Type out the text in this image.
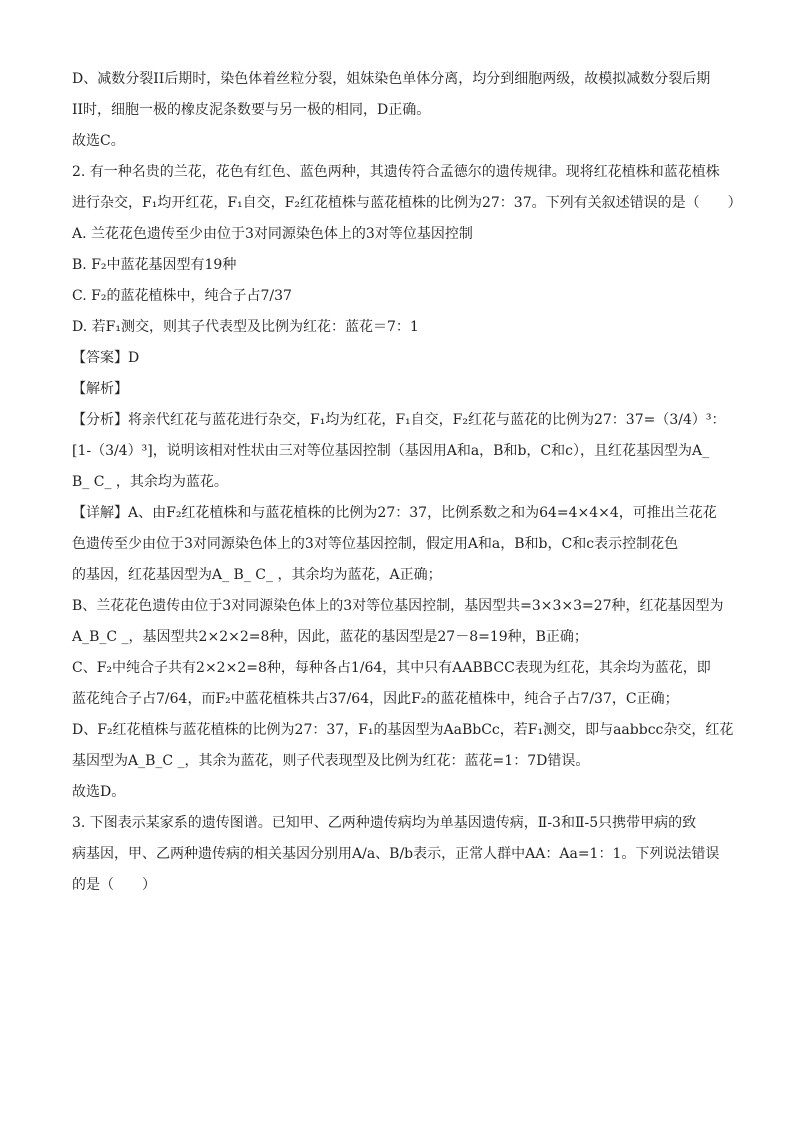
D、减数分裂II后期时，染色体着丝粒分裂，姐妹染色单体分离，均分到细胞两级，故模拟减数分裂后期
II时，细胞一极的橡皮泥条数要与另一极的相同，D正确。
故选C。
2. 有一种名贵的兰花，花色有红色、蓝色两种，其遗传符合孟德尔的遗传规律。现将红花植株和蓝花植株
进行杂交，F₁均开红花，F₁自交，F₂红花植株与蓝花植株的比例为27：37。下列有关叙述错误的是（　　）
A. 兰花花色遗传至少由位于3对同源染色体上的3对等位基因控制
B. F₂中蓝花基因型有19种
C. F₂的蓝花植株中，纯合子占7/37
D. 若F₁测交，则其子代表型及比例为红花：蓝花＝7：1
【答案】D
【解析】
【分析】将亲代红花与蓝花进行杂交，F₁均为红花，F₁自交，F₂红花与蓝花的比例为27：37=（3/4）³：
[1-（3/4）³]，说明该相对性状由三对等位基因控制（基因用A和a，B和b，C和c），且红花基因型为A_
B_ C_ ，其余均为蓝花。
【详解】A、由F₂红花植株和与蓝花植株的比例为27：37，比例系数之和为64=4×4×4，可推出兰花花
色遗传至少由位于3对同源染色体上的3对等位基因控制，假定用A和a，B和b，C和c表示控制花色
的基因，红花基因型为A_ B_ C_ ，其余均为蓝花，A正确；
B、兰花花色遗传由位于3对同源染色体上的3对等位基因控制，基因型共=3×3×3=27种，红花基因型为
A_B_C _，基因型共2×2×2=8种，因此，蓝花的基因型是27－8=19种，B正确；
C、F₂中纯合子共有2×2×2=8种，每种各占1/64，其中只有AABBCC表现为红花，其余均为蓝花，即
蓝花纯合子占7/64，而F₂中蓝花植株共占37/64，因此F₂的蓝花植株中，纯合子占7/37，C正确；
D、F₂红花植株与蓝花植株的比例为27：37，F₁的基因型为AaBbCc，若F₁测交，即与aabbcc杂交，红花
基因型为A_B_C _，其余为蓝花，则子代表现型及比例为红花：蓝花=1：7D错误。
故选D。
3. 下图表示某家系的遗传图谱。已知甲、乙两种遗传病均为单基因遗传病，Ⅱ-3和Ⅱ-5只携带甲病的致
病基因，甲、乙两种遗传病的相关基因分别用A/a、B/b表示，正常人群中AA：Aa=1：1。下列说法错误
的是（　　）
